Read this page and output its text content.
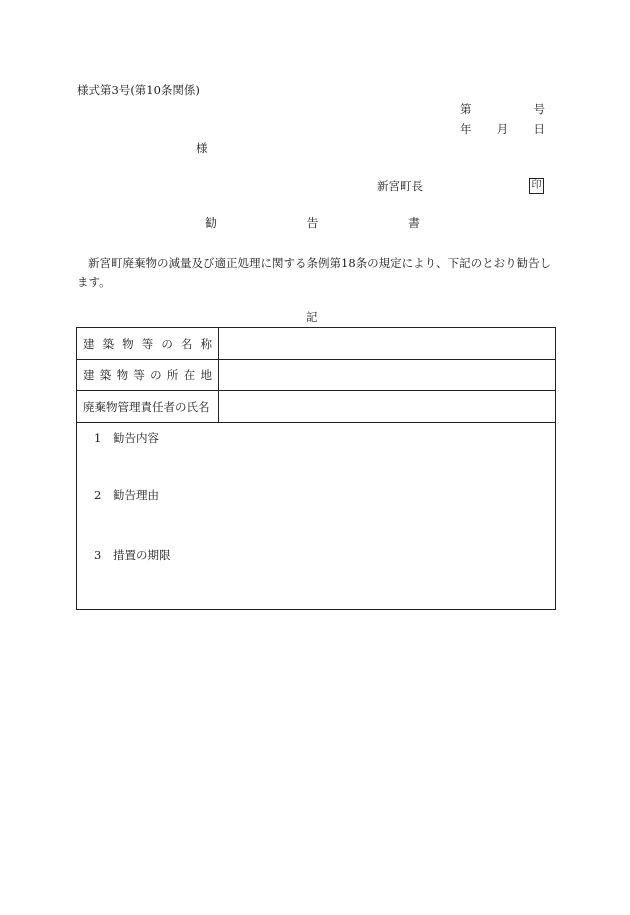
様式第3号(第10条関係)
第	号
年 月 日
様
新宮町長	印
勧	告	書
新宮町廃棄物の減量及び適正処理に関する条例第18条の規定により、下記のとおり勧告します。
記
建 築 物 等 の 名 称
建 築 物 等 の 所 在 地
廃棄物管理責任者の氏名
1 勧告内容
2 勧告理由
3 措置の期限
